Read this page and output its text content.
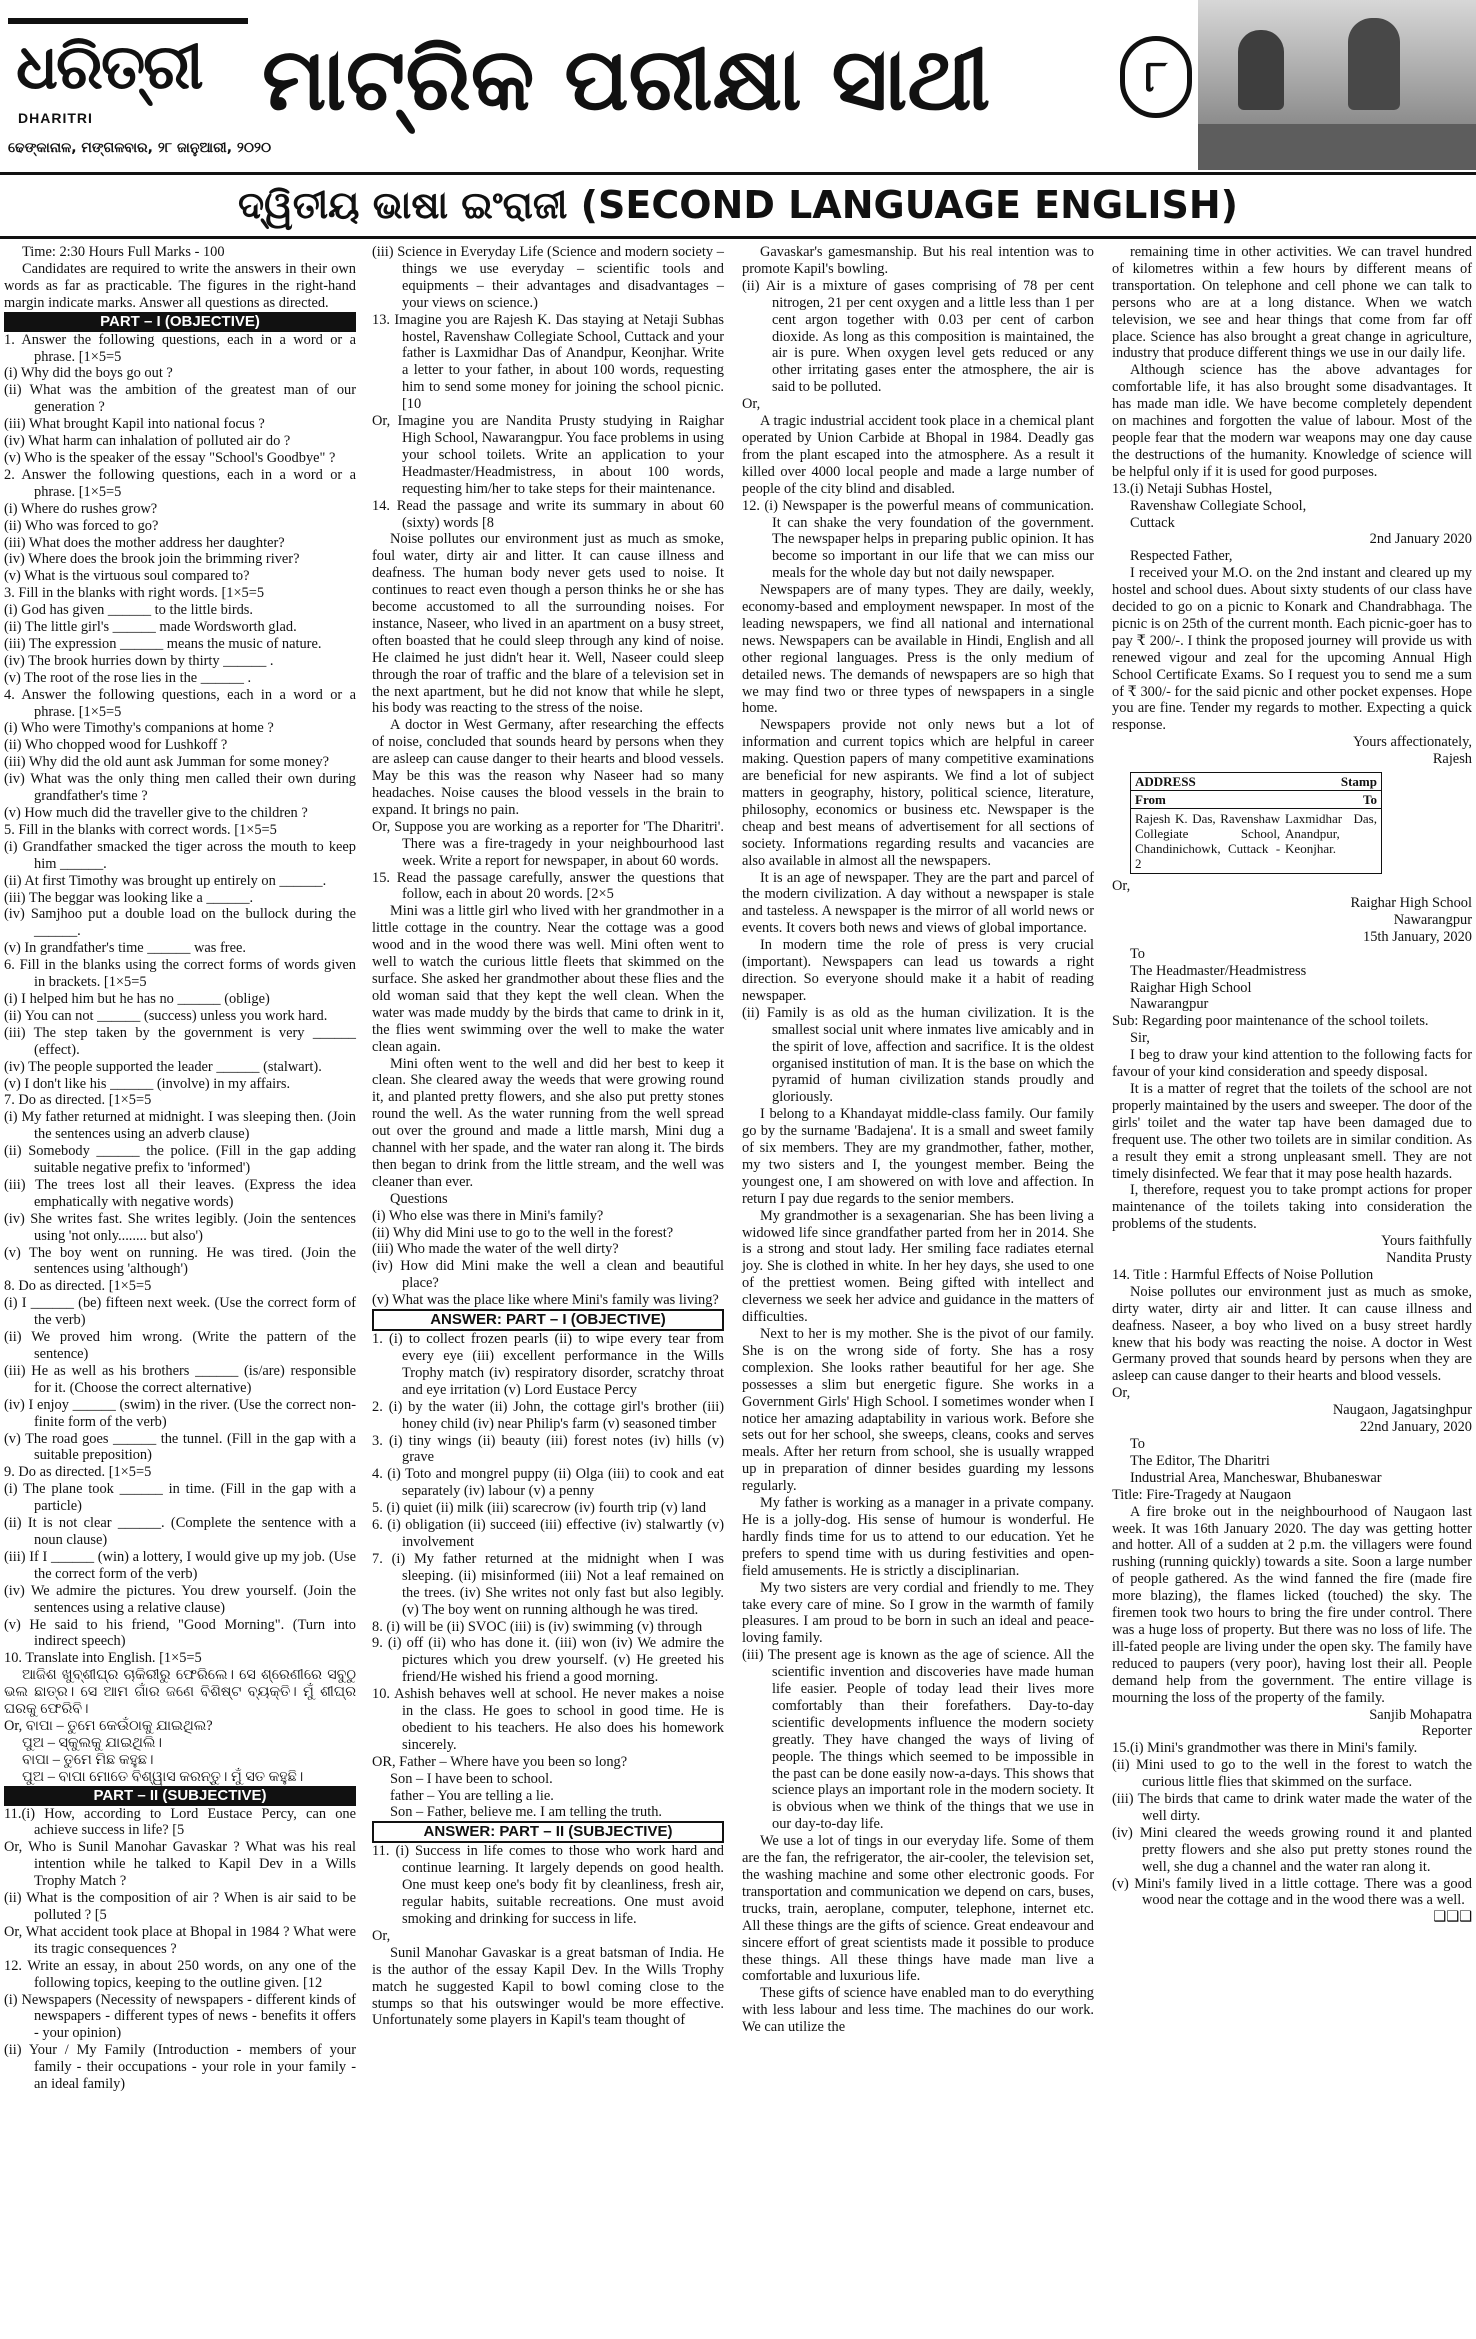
ଧରିତ୍ରୀ
DHARITRI
ଢେଙ୍କାନାଳ, ମଙ୍ଗଳବାର, ୨୮ ଜାନୁଆରୀ, ୨୦୨୦
ମାଟ୍ରିକ ପରୀକ୍ଷା ସାଥୀ	୮
ଦ୍ୱିତୀୟ ଭାଷା ଇଂରାଜୀ (SECOND LANGUAGE ENGLISH)

Time: 2:30 Hours Full Marks - 100

Candidates are required to write the answers in their own words as far as practicable. The figures in the right-hand margin indicate marks. Answer all questions as directed.

PART – I (OBJECTIVE)

1. Answer the following questions, each in a word or a phrase. [1×5=5

(i) Why did the boys go out ?

(ii) What was the ambition of the greatest man of our generation ?

(iii) What brought Kapil into national focus ?

(iv) What harm can inhalation of polluted air do ?

(v) Who is the speaker of the essay "School's Goodbye" ?

2. Answer the following questions, each in a word or a phrase. [1×5=5

(i) Where do rushes grow?

(ii) Who was forced to go?

(iii) What does the mother address her daughter?

(iv) Where does the brook join the brimming river?

(v) What is the virtuous soul compared to?

3. Fill in the blanks with right words. [1×5=5

(i) God has given ______ to the little birds.

(ii) The little girl's ______ made Wordsworth glad.

(iii) The expression ______ means the music of nature.

(iv) The brook hurries down by thirty ______ .

(v) The root of the rose lies in the ______ .

4. Answer the following questions, each in a word or a phrase. [1×5=5

(i) Who were Timothy's companions at home ?

(ii) Who chopped wood for Lushkoff ?

(iii) Why did the old aunt ask Jumman for some money?

(iv) What was the only thing men called their own during grandfather's time ?

(v) How much did the traveller give to the children ?

5. Fill in the blanks with correct words. [1×5=5

(i) Grandfather smacked the tiger across the mouth to keep him ______.

(ii) At first Timothy was brought up entirely on ______.

(iii) The beggar was looking like a ______.

(iv) Samjhoo put a double load on the bullock during the ______.

(v) In grandfather's time ______ was free.

6. Fill in the blanks using the correct forms of words given in brackets. [1×5=5

(i) I helped him but he has no ______ (oblige)

(ii) You can not ______ (success) unless you work hard.

(iii) The step taken by the government is very ______ (effect).

(iv) The people supported the leader ______ (stalwart).

(v) I don't like his ______ (involve) in my affairs.

7. Do as directed. [1×5=5

(i) My father returned at midnight. I was sleeping then. (Join the sentences using an adverb clause)

(ii) Somebody ______ the police. (Fill in the gap adding suitable negative prefix to 'informed')

(iii) The trees lost all their leaves. (Express the idea emphatically with negative words)

(iv) She writes fast. She writes legibly. (Join the sentences using 'not only........ but also')

(v) The boy went on running. He was tired. (Join the sentences using 'although')

8. Do as directed. [1×5=5

(i) I ______ (be) fifteen next week. (Use the correct form of the verb)

(ii) We proved him wrong. (Write the pattern of the sentence)

(iii) He as well as his brothers ______ (is/are) responsible for it. (Choose the correct alternative)

(iv) I enjoy ______ (swim) in the river. (Use the correct non-finite form of the verb)

(v) The road goes ______ the tunnel. (Fill in the gap with a suitable preposition)

9. Do as directed. [1×5=5

(i) The plane took ______ in time. (Fill in the gap with a particle)

(ii) It is not clear ______. (Complete the sentence with a noun clause)

(iii) If I ______ (win) a lottery, I would give up my job. (Use the correct form of the verb)

(iv) We admire the pictures. You drew yourself. (Join the sentences using a relative clause)

(v) He said to his friend, "Good Morning". (Turn into indirect speech)

10. Translate into English. [1×5=5

ଆଜିଶ ଖୁବ୍‌ଶୀଘ୍ର ଚାକିରୀରୁ ଫେରିଲେ। ସେ ଶ୍ରେଣୀରେ ସବୁଠୁ ଭଲ ଛାତ୍ର। ସେ ଆମ ଗାଁର ଜଣେ ବିଶିଷ୍ଟ ବ୍ୟକ୍ତି। ମୁଁ ଶୀଘ୍ର ଘରକୁ ଫେରିବି।

Or, ବାପା – ତୁମେ କେଉଁଠାକୁ ଯାଇଥିଲ?

ପୁଅ – ସ୍କୁଲକୁ ଯାଇଥିଲି।

ବାପା – ତୁମେ ମିଛ କହୁଛ।

ପୁଅ – ବାପା ମୋତେ ବିଶ୍ୱାସ କରନ୍ତୁ। ମୁଁ ସତ କହୁଛି।

PART – II (SUBJECTIVE)

11.(i) How, according to Lord Eustace Percy, can one achieve success in life? [5

Or, Who is Sunil Manohar Gavaskar ? What was his real intention while he talked to Kapil Dev in a Wills Trophy Match ?

(ii) What is the composition of air ? When is air said to be polluted ? [5

Or, What accident took place at Bhopal in 1984 ? What were its tragic consequences ?

12. Write an essay, in about 250 words, on any one of the following topics, keeping to the outline given. [12

(i) Newspapers (Necessity of newspapers - different kinds of newspapers - different types of news - benefits it offers - your opinion)

(ii) Your / My Family (Introduction - members of your family - their occupations - your role in your family - an ideal family)

(iii) Science in Everyday Life (Science and modern society – things we use everyday – scientific tools and equipments – their advantages and disadvantages – your views on science.)

13. Imagine you are Rajesh K. Das staying at Netaji Subhas hostel, Ravenshaw Collegiate School, Cuttack and your father is Laxmidhar Das of Anandpur, Keonjhar. Write a letter to your father, in about 100 words, requesting him to send some money for joining the school picnic. [10

Or, Imagine you are Nandita Prusty studying in Raighar High School, Nawarangpur. You face problems in using your school toilets. Write an application to your Headmaster/Headmistress, in about 100 words, requesting him/her to take steps for their maintenance.

14. Read the passage and write its summary in about 60 (sixty) words [8

Noise pollutes our environment just as much as smoke, foul water, dirty air and litter. It can cause illness and deafness. The human body never gets used to noise. It continues to react even though a person thinks he or she has become accustomed to all the surrounding noises. For instance, Naseer, who lived in an apartment on a busy street, often boasted that he could sleep through any kind of noise. He claimed he just didn't hear it. Well, Naseer could sleep through the roar of traffic and the blare of a television set in the next apartment, but he did not know that while he slept, his body was reacting to the stress of the noise.

A doctor in West Germany, after researching the effects of noise, concluded that sounds heard by persons when they are asleep can cause danger to their hearts and blood vessels. May be this was the reason why Naseer had so many headaches. Noise causes the blood vessels in the brain to expand. It brings no pain.

Or, Suppose you are working as a reporter for 'The Dharitri'. There was a fire-tragedy in your neighbourhood last week. Write a report for newspaper, in about 60 words.

15. Read the passage carefully, answer the questions that follow, each in about 20 words. [2×5

Mini was a little girl who lived with her grandmother in a little cottage in the country. Near the cottage was a good wood and in the wood there was well. Mini often went to well to watch the curious little fleets that skimmed on the surface. She asked her grandmother about these flies and the old woman said that they kept the well clean. When the water was made muddy by the birds that came to drink in it, the flies went swimming over the well to make the water clean again.

Mini often went to the well and did her best to keep it clean. She cleared away the weeds that were growing round it, and planted pretty flowers, and she also put pretty stones round the well. As the water running from the well spread out over the ground and made a little marsh, Mini dug a channel with her spade, and the water ran along it. The birds then began to drink from the little stream, and the well was cleaner than ever.

Questions

(i) Who else was there in Mini's family?

(ii) Why did Mini use to go to the well in the forest?

(iii) Who made the water of the well dirty?

(iv) How did Mini make the well a clean and beautiful place?

(v) What was the place like where Mini's family was living?

ANSWER: PART – I (OBJECTIVE)

1. (i) to collect frozen pearls (ii) to wipe every tear from every eye (iii) excellent performance in the Wills Trophy match (iv) respiratory disorder, scratchy throat and eye irritation (v) Lord Eustace Percy

2. (i) by the water (ii) John, the cottage girl's brother (iii) honey child (iv) near Philip's farm (v) seasoned timber

3. (i) tiny wings (ii) beauty (iii) forest notes (iv) hills (v) grave

4. (i) Toto and mongrel puppy (ii) Olga (iii) to cook and eat separately (iv) labour (v) a penny

5. (i) quiet (ii) milk (iii) scarecrow (iv) fourth trip (v) land

6. (i) obligation (ii) succeed (iii) effective (iv) stalwartly (v) involvement

7. (i) My father returned at the midnight when I was sleeping. (ii) misinformed (iii) Not a leaf remained on the trees. (iv) She writes not only fast but also legibly. (v) The boy went on running although he was tired.

8. (i) will be (ii) SVOC (iii) is (iv) swimming (v) through

9. (i) off (ii) who has done it. (iii) won (iv) We admire the pictures which you drew yourself. (v) He greeted his friend/He wished his friend a good morning.

10. Ashish behaves well at school. He never makes a noise in the class. He goes to school in good time. He is obedient to his teachers. He also does his homework sincerely.

OR, Father – Where have you been so long?

Son – I have been to school.

father – You are telling a lie.

Son – Father, believe me. I am telling the truth.

ANSWER: PART – II (SUBJECTIVE)

11. (i) Success in life comes to those who work hard and continue learning. It largely depends on good health. One must keep one's body fit by cleanliness, fresh air, regular habits, suitable recreations. One must avoid smoking and drinking for success in life.

Or,

Sunil Manohar Gavaskar is a great batsman of India. He is the author of the essay Kapil Dev. In the Wills Trophy match he suggested Kapil to bowl coming close to the stumps so that his outswinger would be more effective. Unfortunately some players in Kapil's team thought of

Gavaskar's gamesmanship. But his real intention was to promote Kapil's bowling.

(ii) Air is a mixture of gases comprising of 78 per cent nitrogen, 21 per cent oxygen and a little less than 1 per cent argon together with 0.03 per cent of carbon dioxide. As long as this composition is maintained, the air is pure. When oxygen level gets reduced or any other irritating gases enter the atmosphere, the air is said to be polluted.

Or,

A tragic industrial accident took place in a chemical plant operated by Union Carbide at Bhopal in 1984. Deadly gas from the plant escaped into the atmosphere. As a result it killed over 4000 local people and made a large number of people of the city blind and disabled.

12. (i) Newspaper is the powerful means of communication. It can shake the very foundation of the government. The newspaper helps in preparing public opinion. It has become so important in our life that we can miss our meals for the whole day but not daily newspaper.

Newspapers are of many types. They are daily, weekly, economy-based and employment newspaper. In most of the leading newspapers, we find all national and international news. Newspapers can be available in Hindi, English and all other regional languages. Press is the only medium of detailed news. The demands of newspapers are so high that we may find two or three types of newspapers in a single home.

Newspapers provide not only news but a lot of information and current topics which are helpful in career making. Question papers of many competitive examinations are beneficial for new aspirants. We find a lot of subject matters in geography, history, political science, literature, philosophy, economics or business etc. Newspaper is the cheap and best means of advertisement for all sections of society. Informations regarding results and vacancies are also available in almost all the newspapers.

It is an age of newspaper. They are the part and parcel of the modern civilization. A day without a newspaper is stale and tasteless. A newspaper is the mirror of all world news or events. It covers both news and views of global importance.

In modern time the role of press is very crucial (important). Newspapers can lead us towards a right direction. So everyone should make it a habit of reading newspaper.

(ii) Family is as old as the human civilization. It is the smallest social unit where inmates live amicably and in the spirit of love, affection and sacrifice. It is the oldest organised institution of man. It is the base on which the pyramid of human civilization stands proudly and gloriously.

I belong to a Khandayat middle-class family. Our family go by the surname 'Badajena'. It is a small and sweet family of six members. They are my grandmother, father, mother, my two sisters and I, the youngest member. Being the youngest one, I am showered on with love and affection. In return I pay due regards to the senior members.

My grandmother is a sexagenarian. She has been living a widowed life since grandfather parted from her in 2014. She is a strong and stout lady. Her smiling face radiates eternal joy. She is clothed in white. In her hey days, she used to one of the prettiest women. Being gifted with intellect and cleverness we seek her advice and guidance in the matters of difficulties.

Next to her is my mother. She is the pivot of our family. She is on the wrong side of forty. She has a rosy complexion. She looks rather beautiful for her age. She possesses a slim but energetic figure. She works in a Government Girls' High School. I sometimes wonder when I notice her amazing adaptability in various work. Before she sets out for her school, she sweeps, cleans, cooks and serves meals. After her return from school, she is usually wrapped up in preparation of dinner besides guarding my lessons regularly.

My father is working as a manager in a private company. He is a jolly-dog. His sense of humour is wonderful. He hardly finds time for us to attend to our education. Yet he prefers to spend time with us during festivities and open-field amusements. He is strictly a disciplinarian.

My two sisters are very cordial and friendly to me. They take every care of mine. So I grow in the warmth of family pleasures. I am proud to be born in such an ideal and peace-loving family.

(iii) The present age is known as the age of science. All the scientific invention and discoveries have made human life easier. People of today lead their lives more comfortably than their forefathers. Day-to-day scientific developments influence the modern society greatly. They have changed the ways of living of people. The things which seemed to be impossible in the past can be done easily now-a-days. This shows that science plays an important role in the modern society. It is obvious when we think of the things that we use in our day-to-day life.

We use a lot of tings in our everyday life. Some of them are the fan, the refrigerator, the air-cooler, the television set, the washing machine and some other electronic goods. For transportation and communication we depend on cars, buses, trucks, train, aeroplane, computer, telephone, internet etc. All these things are the gifts of science. Great endeavour and sincere effort of great scientists made it possible to produce these things. All these things have made man live a comfortable and luxurious life.

These gifts of science have enabled man to do everything with less labour and less time. The machines do our work. We can utilize the

remaining time in other activities. We can travel hundred of kilometres within a few hours by different means of transportation. On telephone and cell phone we can talk to persons who are at a long distance. When we watch television, we see and hear things that come from far off place. Science has also brought a great change in agriculture, industry that produce different things we use in our daily life.

Although science has the above advantages for comfortable life, it has also brought some disadvantages. It has made man idle. We have become completely dependent on machines and forgotten the value of labour. Most of the people fear that the modern war weapons may one day cause the destructions of the humanity. Knowledge of science will be helpful only if it is used for good purposes.

13.(i) Netaji Subhas Hostel,

Ravenshaw Collegiate School,

Cuttack

2nd January 2020

Respected Father,

I received your M.O. on the 2nd instant and cleared up my hostel and school dues. About sixty students of our class have decided to go on a picnic to Konark and Chandrabhaga. The picnic is on 25th of the current month. Each picnic-goer has to pay ₹ 200/-. I think the proposed journey will provide us with renewed vigour and zeal for the upcoming Annual High School Certificate Exams. So I request you to send me a sum of ₹ 300/- for the said picnic and other pocket expenses. Hope you are fine. Tender my regards to mother. Expecting a quick response.

Yours affectionately,

Rajesh

ADDRESS	Stamp
From	To
Rajesh K. Das, Ravenshaw Collegiate School, Chandinichowk, Cuttack - 2
Laxmidhar Das, Anandpur, Keonjhar.

Or,

Raighar High School

Nawarangpur

15th January, 2020

To

The Headmaster/Headmistress

Raighar High School

Nawarangpur

Sub: Regarding poor maintenance of the school toilets.

Sir,

I beg to draw your kind attention to the following facts for favour of your kind consideration and speedy disposal.

It is a matter of regret that the toilets of the school are not properly maintained by the users and sweeper. The door of the girls' toilet and the water tap have been damaged due to frequent use. The other two toilets are in similar condition. As a result they emit a strong unpleasant smell. They are not timely disinfected. We fear that it may pose health hazards.

I, therefore, request you to take prompt actions for proper maintenance of the toilets taking into consideration the problems of the students.

Yours faithfully

Nandita Prusty

14. Title : Harmful Effects of Noise Pollution

Noise pollutes our environment just as much as smoke, dirty water, dirty air and litter. It can cause illness and deafness. Naseer, a boy who lived on a busy street hardly knew that his body was reacting the noise. A doctor in West Germany proved that sounds heard by persons when they are asleep can cause danger to their hearts and blood vessels.

Or,

Naugaon, Jagatsinghpur

22nd January, 2020

To

The Editor, The Dharitri

Industrial Area, Mancheswar, Bhubaneswar

Title: Fire-Tragedy at Naugaon

A fire broke out in the neighbourhood of Naugaon last week. It was 16th January 2020. The day was getting hotter and hotter. All of a sudden at 2 p.m. the villagers were found rushing (running quickly) towards a site. Soon a large number of people gathered. As the wind fanned the fire (made fire more blazing), the flames licked (touched) the sky. The firemen took two hours to bring the fire under control. There was a huge loss of property. But there was no loss of life. The ill-fated people are living under the open sky. The family have reduced to paupers (very poor), having lost their all. People demand help from the government. The entire village is mourning the loss of the property of the family.

Sanjib Mohapatra

Reporter

15.(i) Mini's grandmother was there in Mini's family.

(ii) Mini used to go to the well in the forest to watch the curious little flies that skimmed on the surface.

(iii) The birds that came to drink water made the water of the well dirty.

(iv) Mini cleared the weeds growing round it and planted pretty flowers and she also put pretty stones round the well, she dug a channel and the water ran along it.

(v) Mini's family lived in a little cottage. There was a good wood near the cottage and in the wood there was a well.

❑❑❑
